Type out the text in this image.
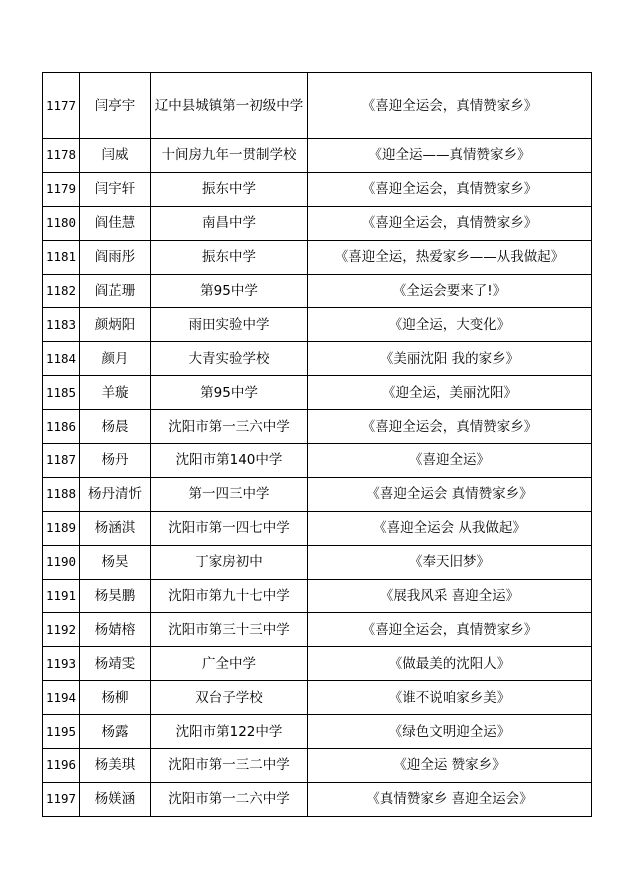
1177	闫亭宇	辽中县城镇第一初级中学	《喜迎全运会，真情赞家乡》
1178	闫威	十间房九年一贯制学校	《迎全运——真情赞家乡》
1179	闫宇轩	振东中学	《喜迎全运会，真情赞家乡》
1180	阎佳慧	南昌中学	《喜迎全运会，真情赞家乡》
1181	阎雨彤	振东中学	《喜迎全运，热爱家乡——从我做起》
1182	阎芷珊	第95中学	《全运会要来了!》
1183	颜炳阳	雨田实验中学	《迎全运，大变化》
1184	颜月	大青实验学校	《美丽沈阳 我的家乡》
1185	羊璇	第95中学	《迎全运，美丽沈阳》
1186	杨晨	沈阳市第一三六中学	《喜迎全运会，真情赞家乡》
1187	杨丹	沈阳市第140中学	《喜迎全运》
1188	杨丹清忻	第一四三中学	《喜迎全运会 真情赞家乡》
1189	杨涵淇	沈阳市第一四七中学	《喜迎全运会 从我做起》
1190	杨昊	丁家房初中	《奉天旧梦》
1191	杨昊鹏	沈阳市第九十七中学	《展我风采 喜迎全运》
1192	杨婧榕	沈阳市第三十三中学	《喜迎全运会，真情赞家乡》
1193	杨靖雯	广全中学	《做最美的沈阳人》
1194	杨柳	双台子学校	《谁不说咱家乡美》
1195	杨露	沈阳市第122中学	《绿色文明迎全运》
1196	杨美琪	沈阳市第一三二中学	《迎全运 赞家乡》
1197	杨媄涵	沈阳市第一二六中学	《真情赞家乡 喜迎全运会》
